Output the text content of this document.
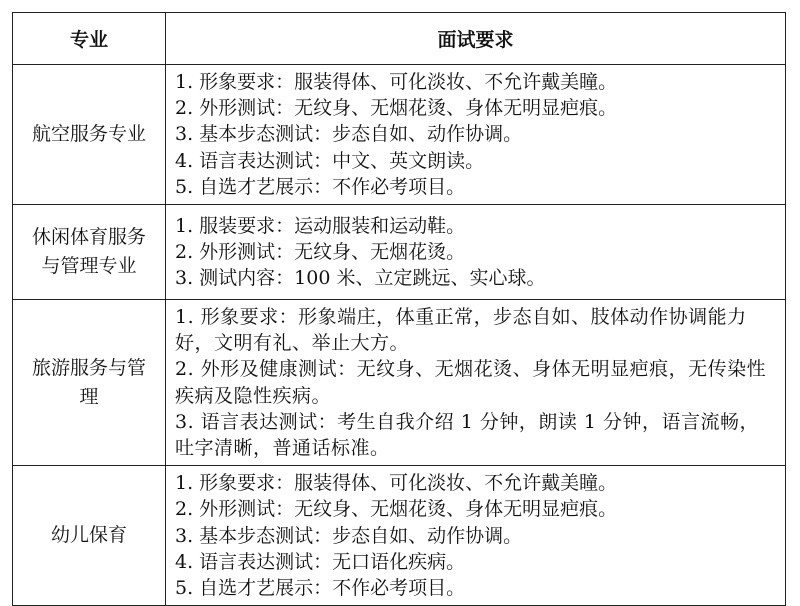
专业	面试要求
航空服务专业	1. 形象要求：服装得体、可化淡妆、不允许戴美瞳。
2. 外形测试：无纹身、无烟花烫、身体无明显疤痕。
3. 基本步态测试：步态自如、动作协调。
4. 语言表达测试：中文、英文朗读。
5. 自选才艺展示：不作必考项目。

休闲体育服务与管理专业	1. 服装要求：运动服装和运动鞋。
2. 外形测试：无纹身、无烟花烫。
3. 测试内容：100 米、立定跳远、实心球。

旅游服务与管理	1. 形象要求：形象端庄，体重正常，步态自如、肢体动作协调能力好，文明有礼、举止大方。
2. 外形及健康测试：无纹身、无烟花烫、身体无明显疤痕，无传染性疾病及隐性疾病。
3. 语言表达测试：考生自我介绍 1 分钟，朗读 1 分钟，语言流畅，吐字清晰，普通话标准。

幼儿保育	1. 形象要求：服装得体、可化淡妆、不允许戴美瞳。
2. 外形测试：无纹身、无烟花烫、身体无明显疤痕。
3. 基本步态测试：步态自如、动作协调。
4. 语言表达测试：无口语化疾病。
5. 自选才艺展示：不作必考项目。
